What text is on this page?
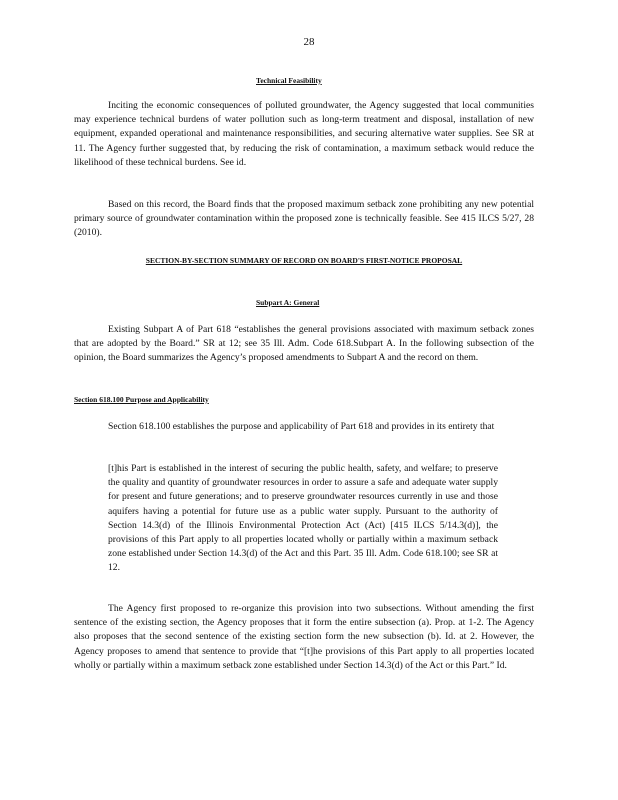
28
Technical Feasibility

Inciting the economic consequences of polluted groundwater, the Agency suggested that local communities may experience technical burdens of water pollution such as long-term treatment and disposal, installation of new equipment, expanded operational and maintenance responsibilities, and securing alternative water supplies. See SR at 11. The Agency further suggested that, by reducing the risk of contamination, a maximum setback would reduce the likelihood of these technical burdens. See id.

Based on this record, the Board finds that the proposed maximum setback zone prohibiting any new potential primary source of groundwater contamination within the proposed zone is technically feasible. See 415 ILCS 5/27, 28 (2010).

SECTION-BY-SECTION SUMMARY OF RECORD ON BOARD'S FIRST-NOTICE PROPOSAL

Subpart A: General

Existing Subpart A of Part 618 “establishes the general provisions associated with maximum setback zones that are adopted by the Board.” SR at 12; see 35 Ill. Adm. Code 618.Subpart A. In the following subsection of the opinion, the Board summarizes the Agency’s proposed amendments to Subpart A and the record on them.

Section 618.100 Purpose and Applicability

Section 618.100 establishes the purpose and applicability of Part 618 and provides in its entirety that

[t]his Part is established in the interest of securing the public health, safety, and welfare; to preserve the quality and quantity of groundwater resources in order to assure a safe and adequate water supply for present and future generations; and to preserve groundwater resources currently in use and those aquifers having a potential for future use as a public water supply. Pursuant to the authority of Section 14.3(d) of the Illinois Environmental Protection Act (Act) [415 ILCS 5/14.3(d)], the provisions of this Part apply to all properties located wholly or partially within a maximum setback zone established under Section 14.3(d) of the Act and this Part. 35 Ill. Adm. Code 618.100; see SR at 12.

The Agency first proposed to re-organize this provision into two subsections. Without amending the first sentence of the existing section, the Agency proposes that it form the entire subsection (a). Prop. at 1-2. The Agency also proposes that the second sentence of the existing section form the new subsection (b). Id. at 2. However, the Agency proposes to amend that sentence to provide that “[t]he provisions of this Part apply to all properties located wholly or partially within a maximum setback zone established under Section 14.3(d) of the Act or this Part.” Id.
